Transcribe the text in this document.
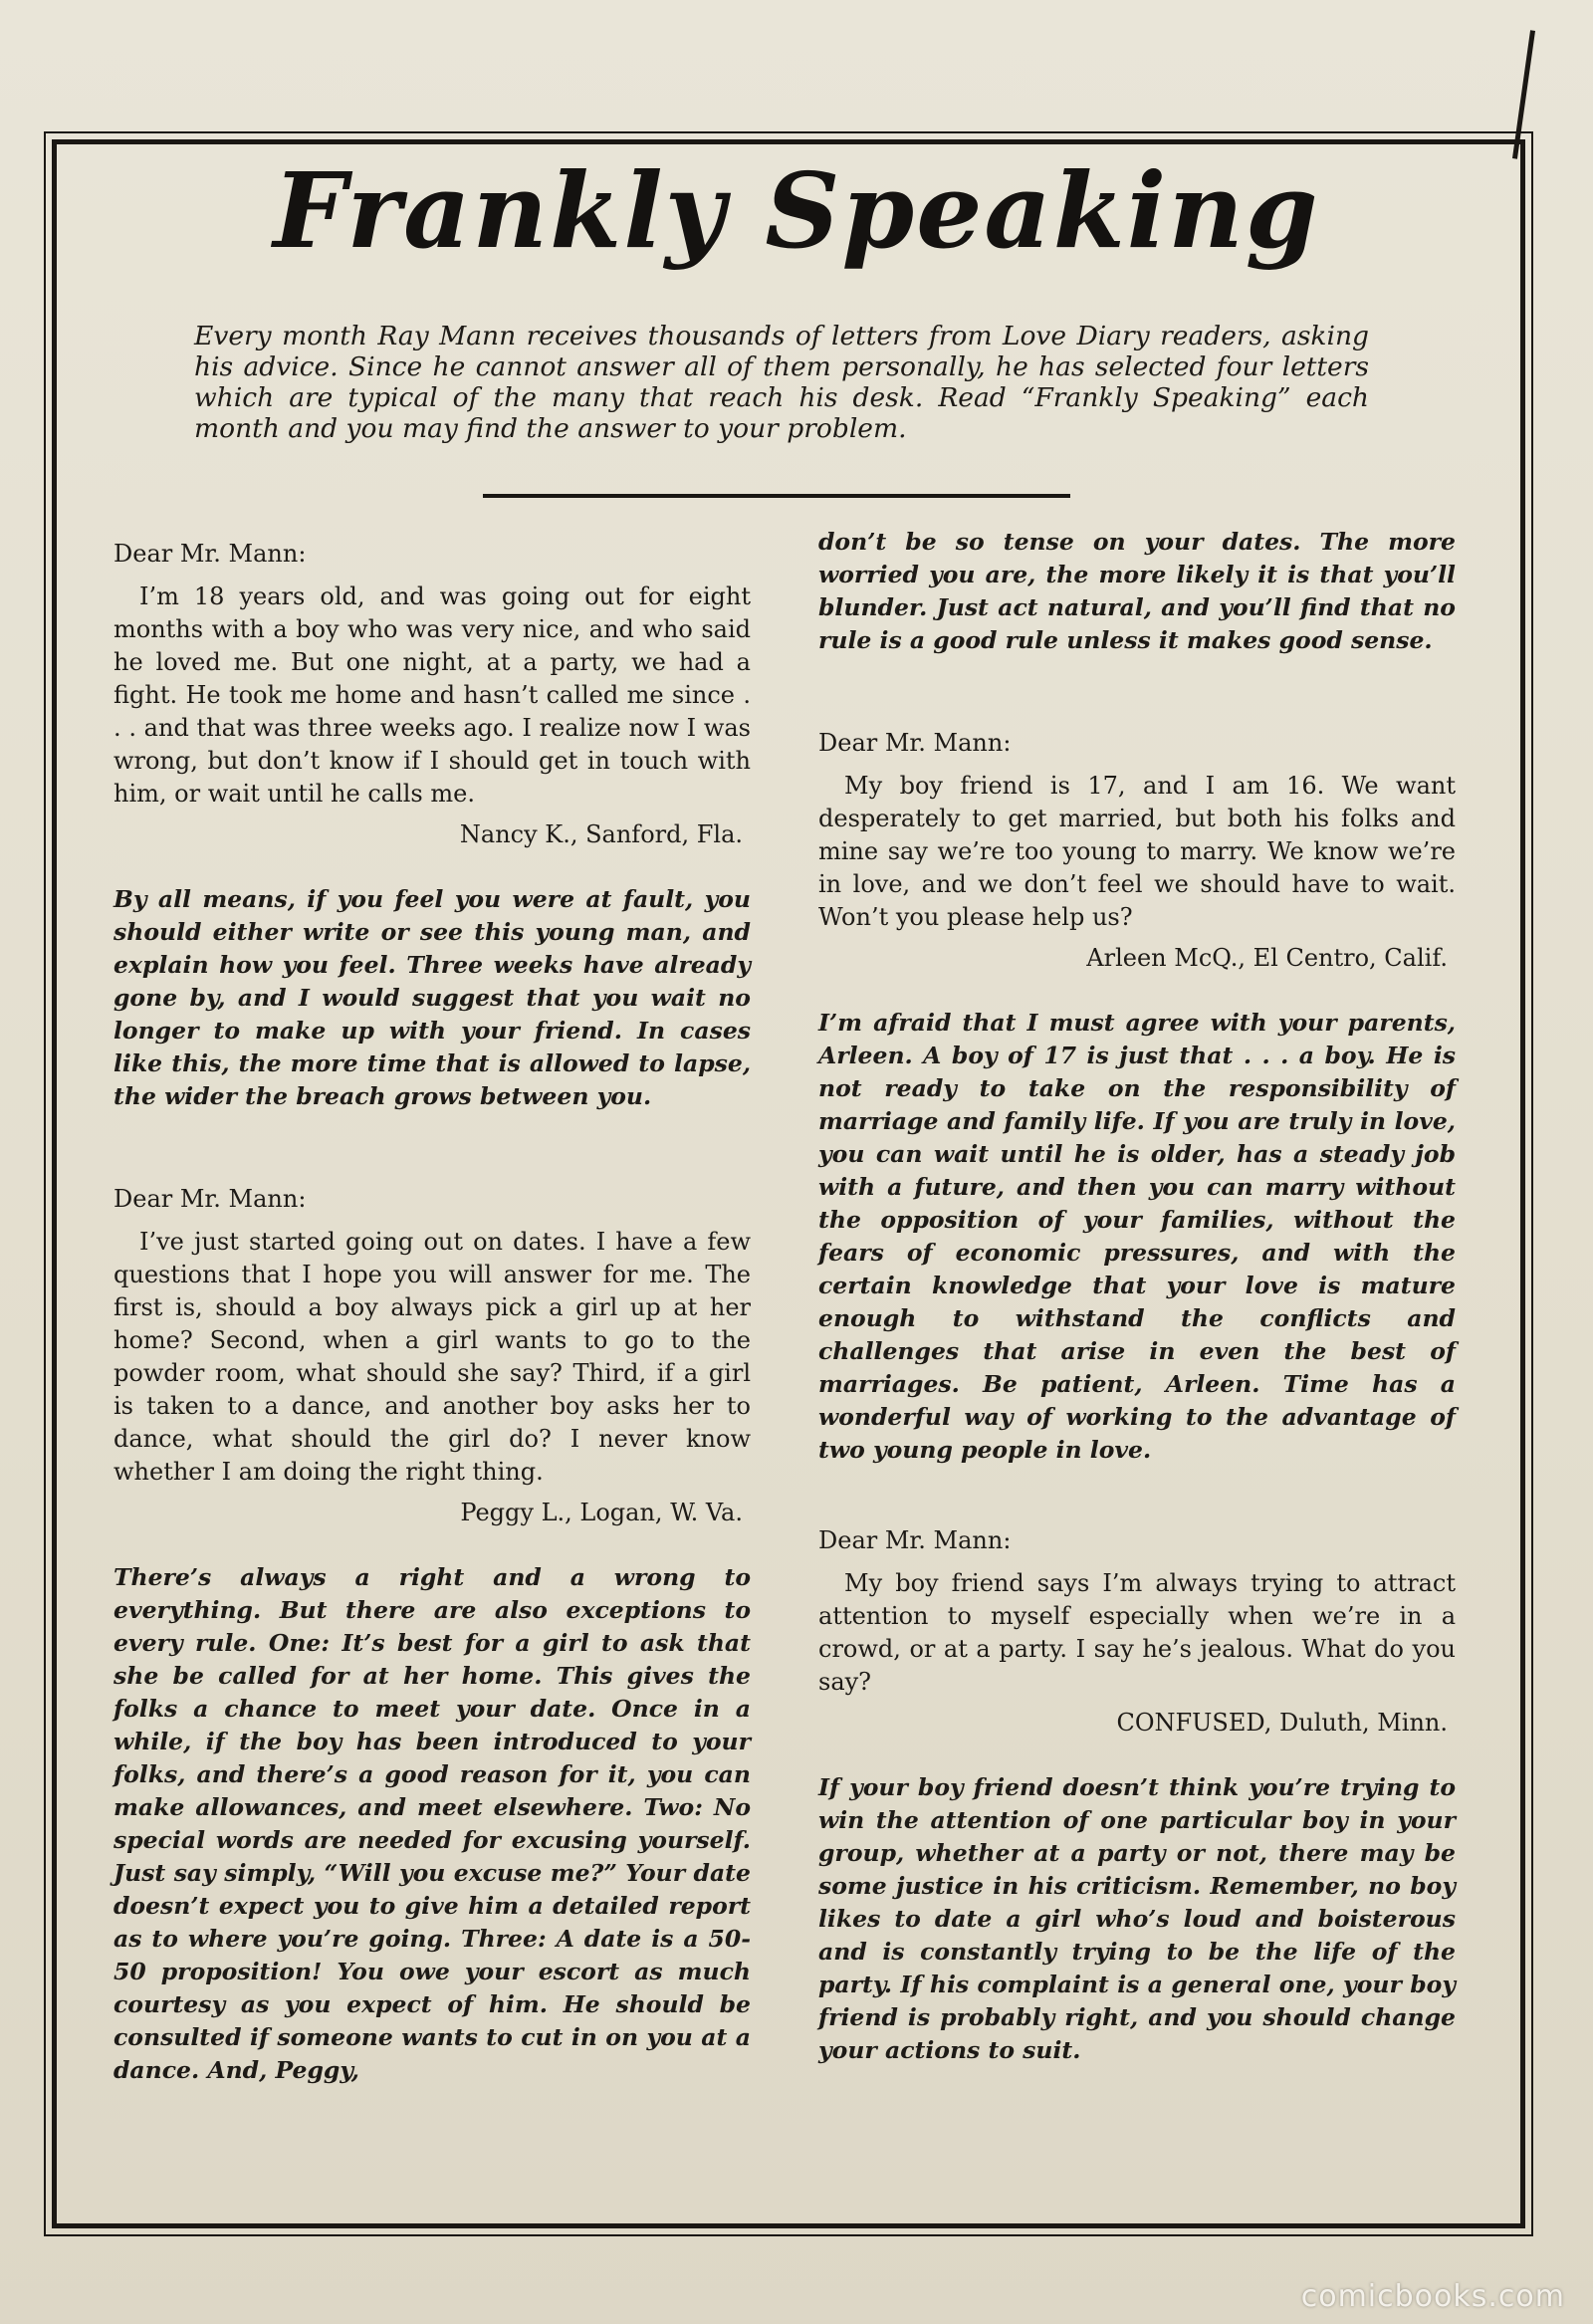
Frankly Speaking
Every month Ray Mann receives thousands of letters from Love Diary readers, asking his advice. Since he cannot answer all of them personally, he has selected four letters which are typical of the many that reach his desk. Read “Frankly Speaking” each month and you may find the answer to your problem.

Dear Mr. Mann:

I’m 18 years old, and was going out for eight months with a boy who was very nice, and who said he loved me. But one night, at a party, we had a fight. He took me home and hasn’t called me since . . . and that was three weeks ago. I realize now I was wrong, but don’t know if I should get in touch with him, or wait until he calls me.

Nancy K., Sanford, Fla.

By all means, if you feel you were at fault, you should either write or see this young man, and explain how you feel. Three weeks have already gone by, and I would suggest that you wait no longer to make up with your friend. In cases like this, the more time that is allowed to lapse, the wider the breach grows between you.

Dear Mr. Mann:

I’ve just started going out on dates. I have a few questions that I hope you will answer for me. The first is, should a boy always pick a girl up at her home? Second, when a girl wants to go to the powder room, what should she say? Third, if a girl is taken to a dance, and another boy asks her to dance, what should the girl do? I never know whether I am doing the right thing.

Peggy L., Logan, W. Va.

There’s always a right and a wrong to everything. But there are also exceptions to every rule. One: It’s best for a girl to ask that she be called for at her home. This gives the folks a chance to meet your date. Once in a while, if the boy has been introduced to your folks, and there’s a good reason for it, you can make allowances, and meet elsewhere. Two: No special words are needed for excusing yourself. Just say simply, “Will you excuse me?” Your date doesn’t expect you to give him a detailed report as to where you’re going. Three: A date is a 50-50 proposition! You owe your escort as much courtesy as you expect of him. He should be consulted if someone wants to cut in on you at a dance. And, Peggy,

don’t be so tense on your dates. The more worried you are, the more likely it is that you’ll blunder. Just act natural, and you’ll find that no rule is a good rule unless it makes good sense.

Dear Mr. Mann:

My boy friend is 17, and I am 16. We want desperately to get married, but both his folks and mine say we’re too young to marry. We know we’re in love, and we don’t feel we should have to wait. Won’t you please help us?

Arleen McQ., El Centro, Calif.

I’m afraid that I must agree with your parents, Arleen. A boy of 17 is just that . . . a boy. He is not ready to take on the responsibility of marriage and family life. If you are truly in love, you can wait until he is older, has a steady job with a future, and then you can marry without the opposition of your families, without the fears of economic pressures, and with the certain knowledge that your love is mature enough to withstand the conflicts and challenges that arise in even the best of marriages. Be patient, Arleen. Time has a wonderful way of working to the advantage of two young people in love.

Dear Mr. Mann:

My boy friend says I’m always trying to attract attention to myself especially when we’re in a crowd, or at a party. I say he’s jealous. What do you say?

CONFUSED, Duluth, Minn.

If your boy friend doesn’t think you’re trying to win the attention of one particular boy in your group, whether at a party or not, there may be some justice in his criticism. Remember, no boy likes to date a girl who’s loud and boisterous and is constantly trying to be the life of the party. If his complaint is a general one, your boy friend is probably right, and you should change your actions to suit.

comicbooks.com
